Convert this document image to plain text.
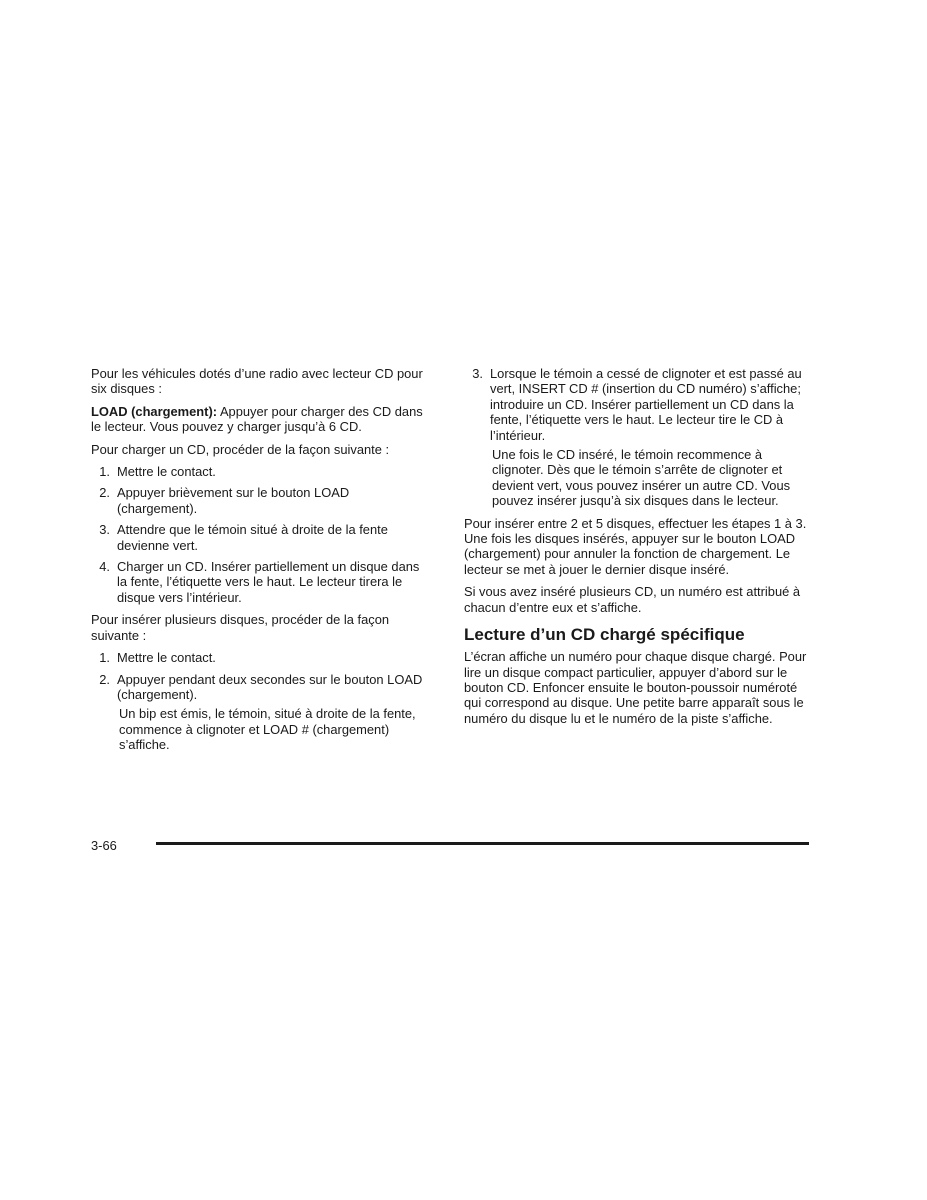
Pour les véhicules dotés d’une radio avec lecteur CD pour six disques :

LOAD (chargement): Appuyer pour charger des CD dans le lecteur. Vous pouvez y charger jusqu’à 6 CD.

Pour charger un CD, procéder de la façon suivante :

1. Mettre le contact.
2. Appuyer brièvement sur le bouton LOAD (chargement).
3. Attendre que le témoin situé à droite de la fente devienne vert.
4. Charger un CD. Insérer partiellement un disque dans la fente, l’étiquette vers le haut. Le lecteur tirera le disque vers l’intérieur.

Pour insérer plusieurs disques, procéder de la façon suivante :

1. Mettre le contact.
2. Appuyer pendant deux secondes sur le bouton LOAD (chargement).
Un bip est émis, le témoin, situé à droite de la fente, commence à clignoter et LOAD # (chargement) s’affiche.
3. Lorsque le témoin a cessé de clignoter et est passé au vert, INSERT CD # (insertion du CD numéro) s’affiche; introduire un CD. Insérer partiellement un CD dans la fente, l’étiquette vers le haut. Le lecteur tire le CD à l’intérieur.
Une fois le CD inséré, le témoin recommence à clignoter. Dès que le témoin s’arrête de clignoter et devient vert, vous pouvez insérer un autre CD. Vous pouvez insérer jusqu’à six disques dans le lecteur.

Pour insérer entre 2 et 5 disques, effectuer les étapes 1 à 3. Une fois les disques insérés, appuyer sur le bouton LOAD (chargement) pour annuler la fonction de chargement. Le lecteur se met à jouer le dernier disque inséré.

Si vous avez inséré plusieurs CD, un numéro est attribué à chacun d’entre eux et s’affiche.

Lecture d’un CD chargé spécifique

L’écran affiche un numéro pour chaque disque chargé. Pour lire un disque compact particulier, appuyer d’abord sur le bouton CD. Enfoncer ensuite le bouton-poussoir numéroté qui correspond au disque. Une petite barre apparaît sous le numéro du disque lu et le numéro de la piste s’affiche.

3-66
